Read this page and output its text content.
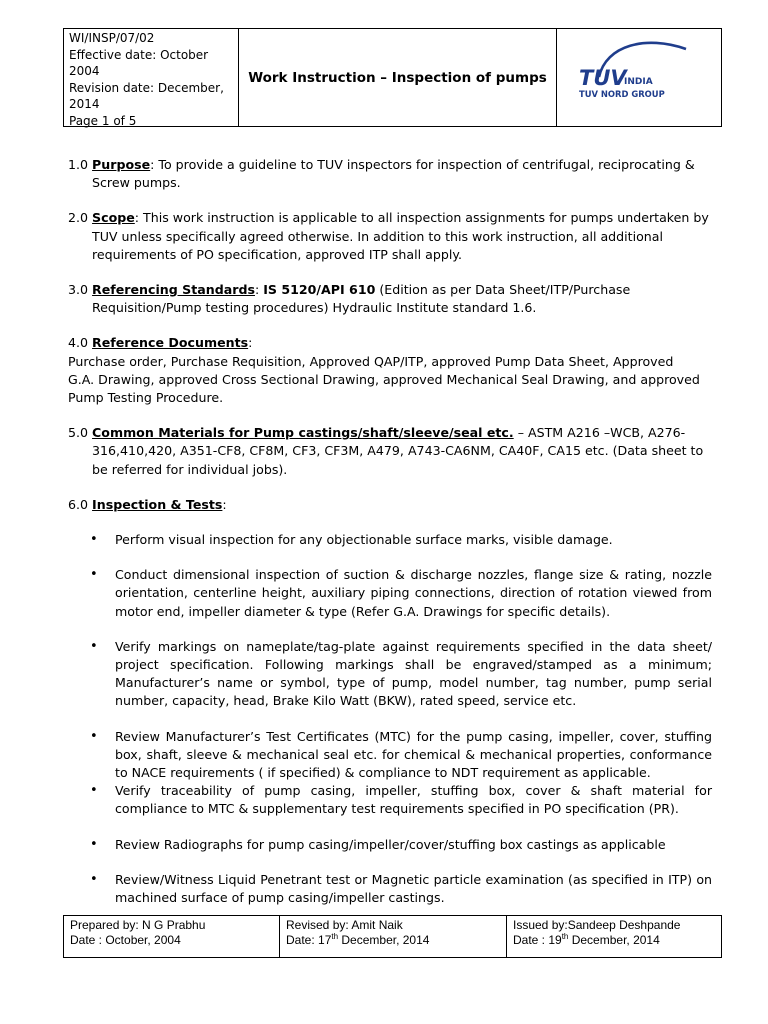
WI/INSP/07/02
Effective date: October
2004
Revision date: December,
2014
Page 1 of 5
Work Instruction – Inspection of pumps	TUV
INDIA
TUV NORD GROUP
1.0 Purpose: To provide a guideline to TUV inspectors for inspection of centrifugal, reciprocating &
Screw pumps.
2.0 Scope: This work instruction is applicable to all inspection assignments for pumps undertaken by
TUV unless specifically agreed otherwise. In addition to this work instruction, all additional
requirements of PO specification, approved ITP shall apply.
3.0 Referencing Standards: IS 5120/API 610 (Edition as per Data Sheet/ITP/Purchase
Requisition/Pump testing procedures) Hydraulic Institute standard 1.6.
4.0 Reference Documents:
Purchase order, Purchase Requisition, Approved QAP/ITP, approved Pump Data Sheet, Approved
G.A. Drawing, approved Cross Sectional Drawing, approved Mechanical Seal Drawing, and approved
Pump Testing Procedure.
5.0 Common Materials for Pump castings/shaft/sleeve/seal etc. – ASTM A216 –WCB, A276-
316,410,420, A351-CF8, CF8M, CF3, CF3M, A479, A743-CA6NM, CA40F, CA15 etc. (Data sheet to
be referred for individual jobs).
6.0 Inspection & Tests:
• Perform visual inspection for any objectionable surface marks, visible damage.
• Conduct dimensional inspection of suction & discharge nozzles, flange size & rating, nozzle orientation, centerline height, auxiliary piping connections, direction of rotation viewed from motor end, impeller diameter & type (Refer G.A. Drawings for specific details).
• Verify markings on nameplate/tag-plate against requirements specified in the data sheet/ project specification. Following markings shall be engraved/stamped as a minimum; Manufacturer’s name or symbol, type of pump, model number, tag number, pump serial number, capacity, head, Brake Kilo Watt (BKW), rated speed, service etc.
• Review Manufacturer’s Test Certificates (MTC) for the pump casing, impeller, cover, stuffing box, shaft, sleeve & mechanical seal etc. for chemical & mechanical properties, conformance to NACE requirements ( if specified) & compliance to NDT requirement as applicable.
• Verify traceability of pump casing, impeller, stuffing box, cover & shaft material for compliance to MTC & supplementary test requirements specified in PO specification (PR).
• Review Radiographs for pump casing/impeller/cover/stuffing box castings as applicable
• Review/Witness Liquid Penetrant test or Magnetic particle examination (as specified in ITP) on machined surface of pump casing/impeller castings.
Prepared by: N G Prabhu
Date : October, 2004
Revised by: Amit Naik
Date: 17th December, 2014
Issued by:Sandeep Deshpande
Date : 19th December, 2014
